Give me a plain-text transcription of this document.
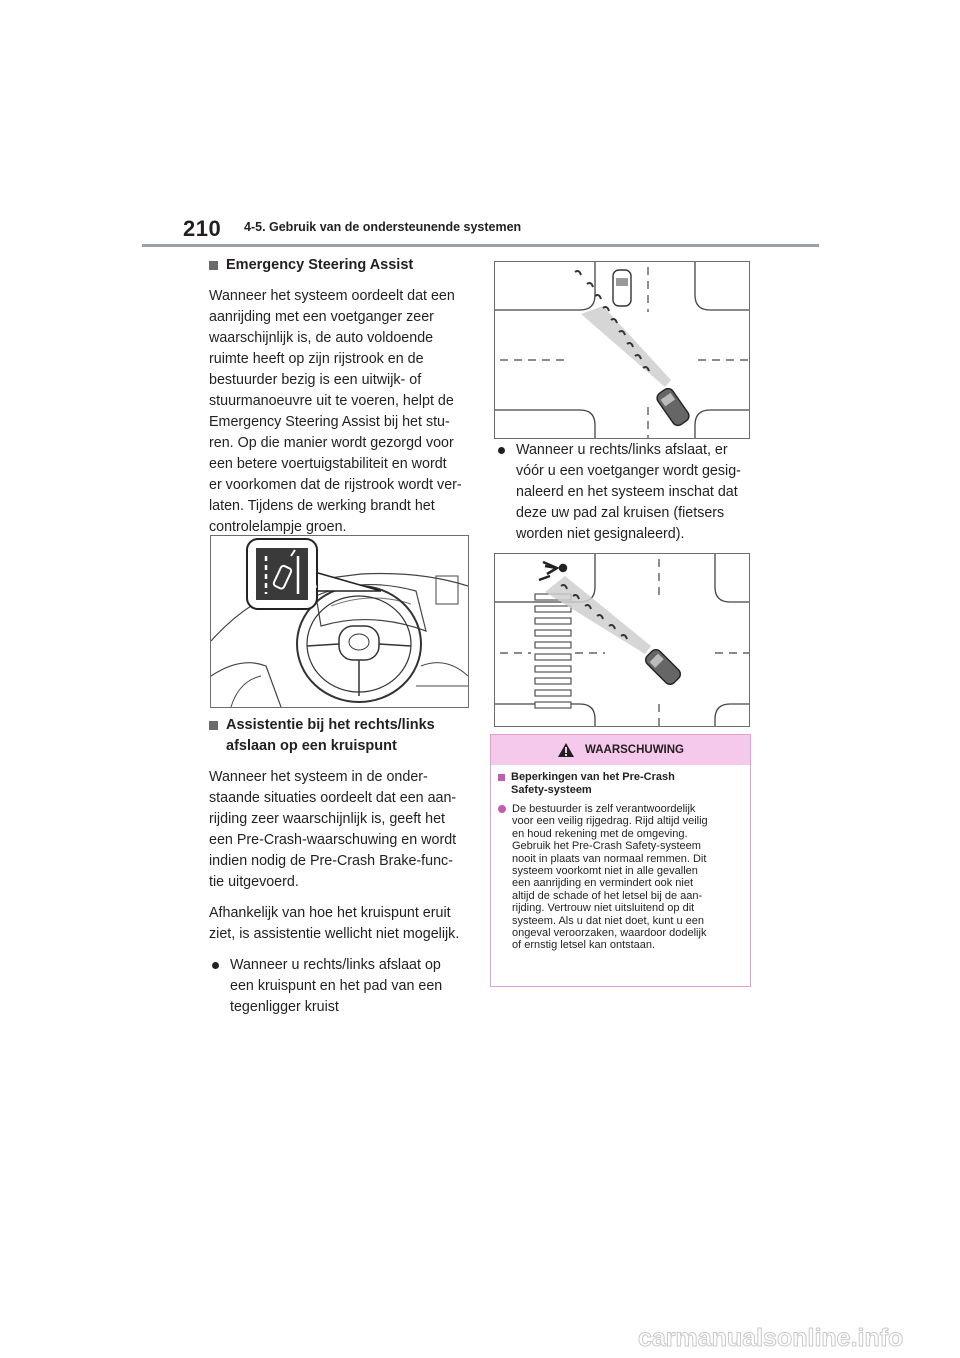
210 4-5. Gebruik van de ondersteunende systemen
Emergency Steering Assist

Wanneer het systeem oordeelt dat een
aanrijding met een voetganger zeer
waarschijnlijk is, de auto voldoende
ruimte heeft op zijn rijstrook en de
bestuurder bezig is een uitwijk- of
stuurmanoeuvre uit te voeren, helpt de
Emergency Steering Assist bij het stu-
ren. Op die manier wordt gezorgd voor
een betere voertuigstabiliteit en wordt
er voorkomen dat de rijstrook wordt ver-
laten. Tijdens de werking brandt het
controlelampje groen.

Assistentie bij het rechts/links
afslaan op een kruispunt

Wanneer het systeem in de onder-
staande situaties oordeelt dat een aan-
rijding zeer waarschijnlijk is, geeft het
een Pre-Crash-waarschuwing en wordt
indien nodig de Pre-Crash Brake-func-
tie uitgevoerd.

Afhankelijk van hoe het kruispunt eruit
ziet, is assistentie wellicht niet mogelijk.

Wanneer u rechts/links afslaat op
een kruispunt en het pad van een
tegenligger kruist
Wanneer u rechts/links afslaat, er
vóór u een voetganger wordt gesig-
naleerd en het systeem inschat dat
deze uw pad zal kruisen (fietsers
worden niet gesignaleerd).
WAARSCHUWING
Beperkingen van het Pre-Crash
Safety-systeem
De bestuurder is zelf verantwoordelijk
voor een veilig rijgedrag. Rijd altijd veilig
en houd rekening met de omgeving.
Gebruik het Pre-Crash Safety-systeem
nooit in plaats van normaal remmen. Dit
systeem voorkomt niet in alle gevallen
een aanrijding en vermindert ook niet
altijd de schade of het letsel bij de aan-
rijding. Vertrouw niet uitsluitend op dit
systeem. Als u dat niet doet, kunt u een
ongeval veroorzaken, waardoor dodelijk
of ernstig letsel kan ontstaan.
carmanualsonline.info
